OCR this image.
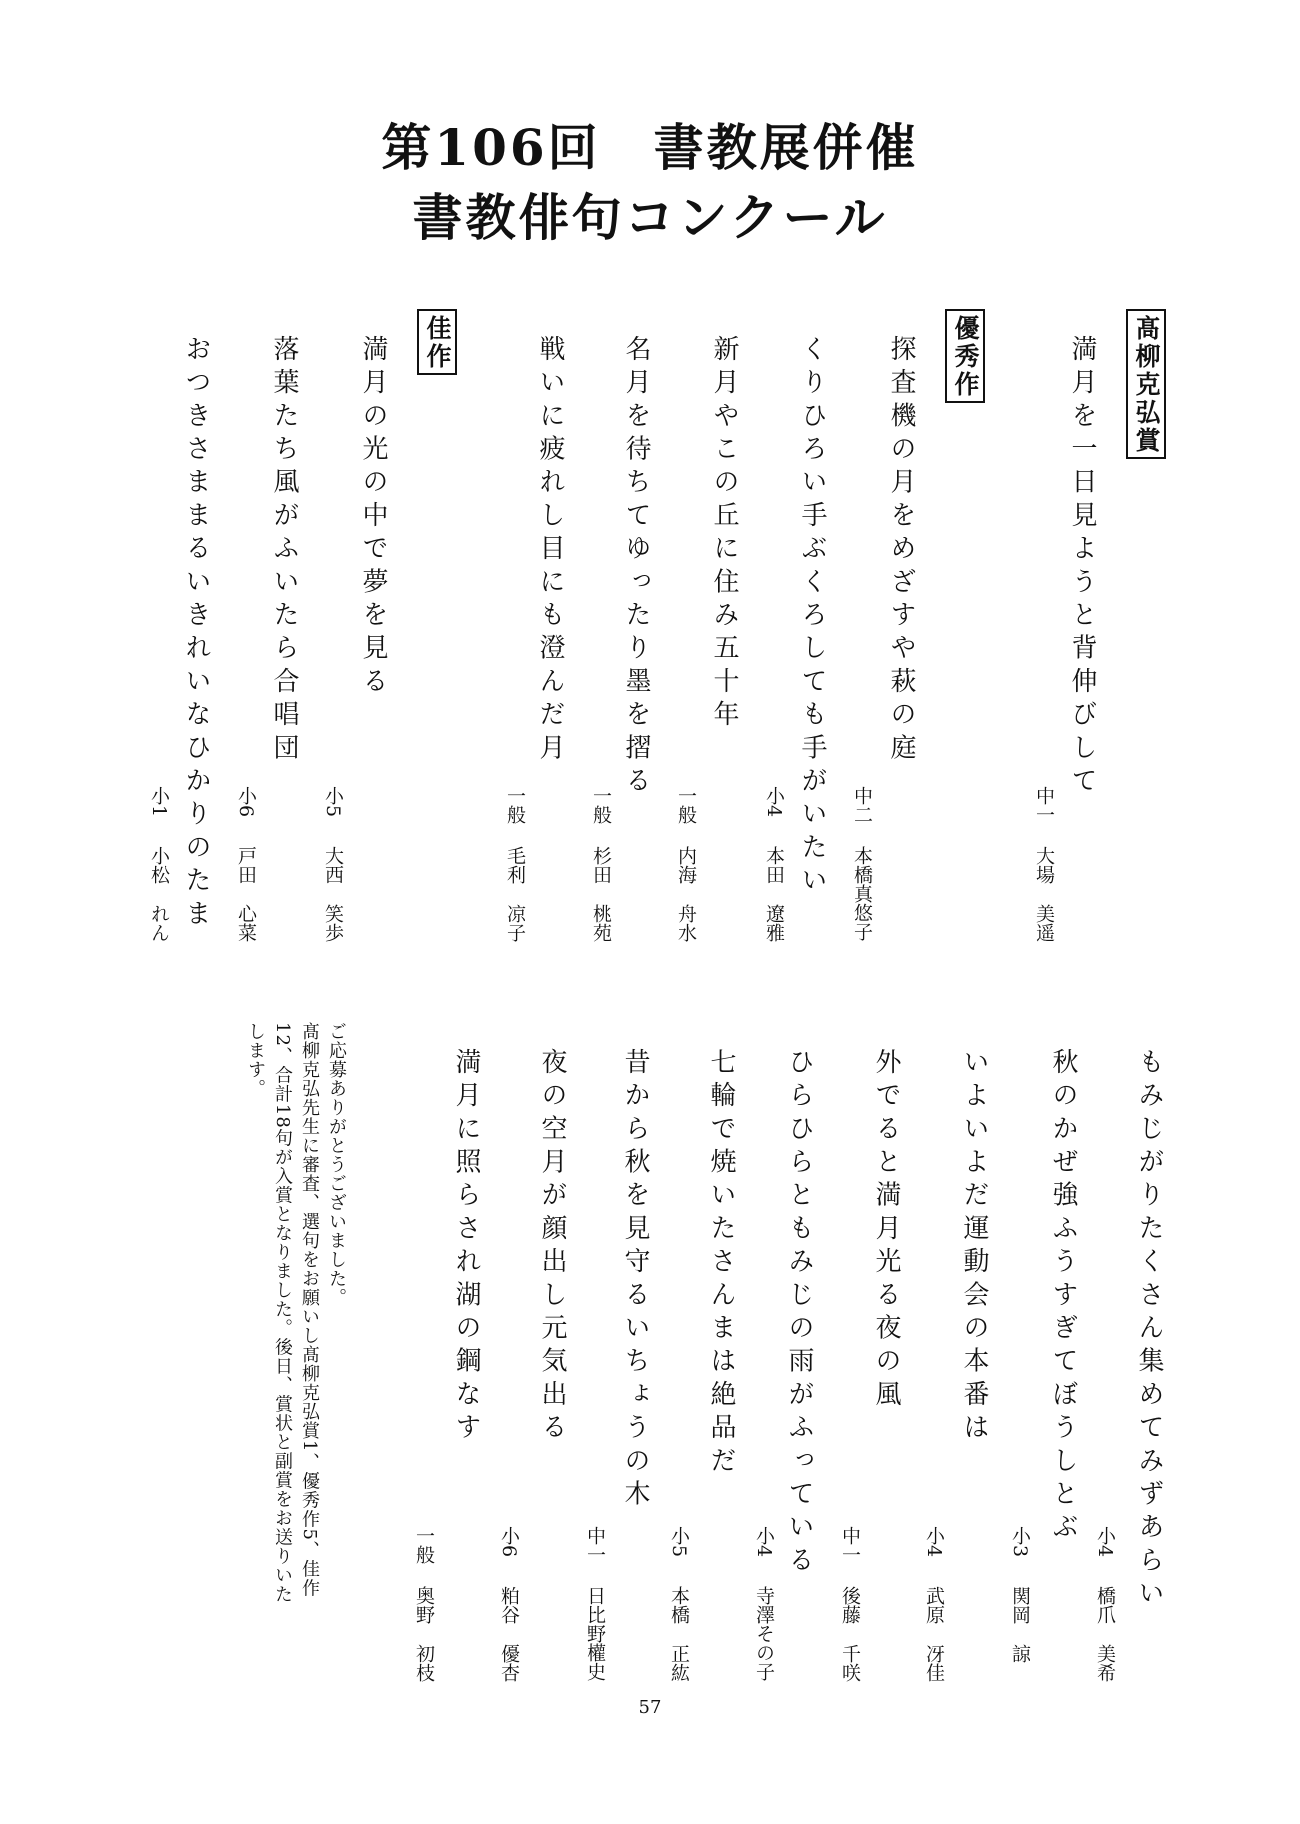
第106回　書教展併催
書教俳句コンクール
髙柳克弘賞
優秀作
佳作	満月を一日見ようと背伸びして
探査機の月をめざすや萩の庭
くりひろい手ぶくろしても手がいたい
新月やこの丘に住み五十年
名月を待ちてゆったり墨を摺る
戦いに疲れし目にも澄んだ月
満月の光の中で夢を見る
落葉たち風がふいたら合唱団
おつきさままるいきれいなひかりのたま	中一大場美遥
中二本橋真悠子
小4本田遼雅
一般内海舟水
一般杉田桃苑
一般毛利凉子
小5大西笑歩
小6戸田心菜
小1小松れん
もみじがりたくさん集めてみずあらい
秋のかぜ強ふうすぎてぼうしとぶ
いよいよだ運動会の本番は
外でると満月光る夜の風
ひらひらともみじの雨がふっている
七輪で焼いたさんまは絶品だ
昔から秋を見守るいちょうの木
夜の空月が顔出し元気出る
満月に照らされ湖の鋼なす
小4橋爪美希
小3関岡諒
小4武原冴佳
中一後藤千咲
小4寺澤その子
小5本橋正紘
中一日比野權史
小6粕谷優杏
一般奥野初枝

ご応募ありがとうございました。

髙柳克弘先生に審査、選句をお願いし髙柳克弘賞1、優秀作5、佳作12、合計18句が入賞となりました。後日、賞状と副賞をお送りいたします。

57
